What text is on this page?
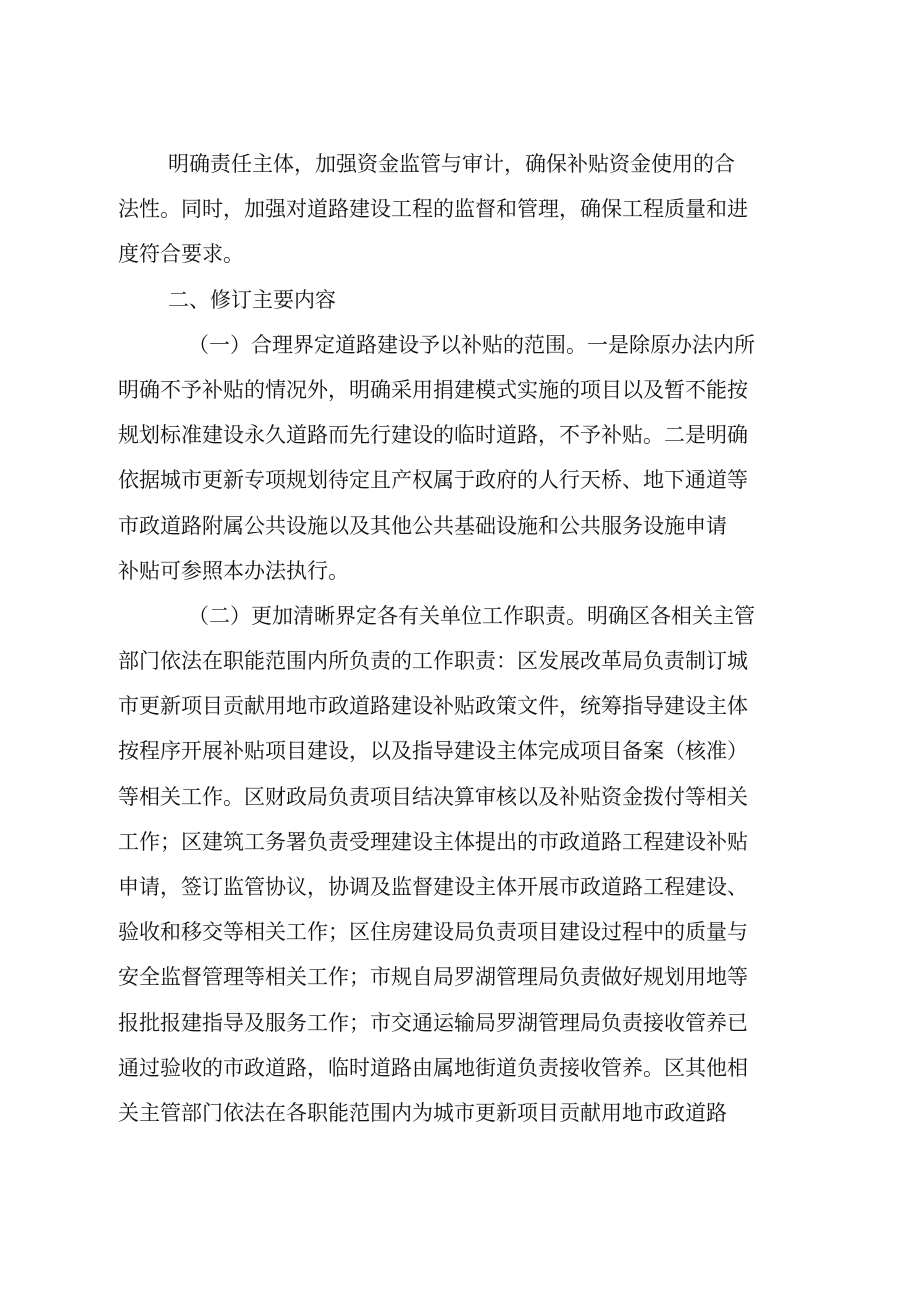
明确责任主体，加强资金监管与审计，确保补贴资金使用的合
法性。同时，加强对道路建设工程的监督和管理，确保工程质量和进
度符合要求。
二、修订主要内容
（一）合理界定道路建设予以补贴的范围。一是除原办法内所
明确不予补贴的情况外，明确采用捐建模式实施的项目以及暂不能按
规划标准建设永久道路而先行建设的临时道路，不予补贴。二是明确
依据城市更新专项规划待定且产权属于政府的人行天桥、地下通道等
市政道路附属公共设施以及其他公共基础设施和公共服务设施申请
补贴可参照本办法执行。
（二）更加清晰界定各有关单位工作职责。明确区各相关主管
部门依法在职能范围内所负责的工作职责：区发展改革局负责制订城
市更新项目贡献用地市政道路建设补贴政策文件，统筹指导建设主体
按程序开展补贴项目建设，以及指导建设主体完成项目备案（核准）
等相关工作。区财政局负责项目结决算审核以及补贴资金拨付等相关
工作；区建筑工务署负责受理建设主体提出的市政道路工程建设补贴
申请，签订监管协议，协调及监督建设主体开展市政道路工程建设、
验收和移交等相关工作；区住房建设局负责项目建设过程中的质量与
安全监督管理等相关工作；市规自局罗湖管理局负责做好规划用地等
报批报建指导及服务工作；市交通运输局罗湖管理局负责接收管养已
通过验收的市政道路，临时道路由属地街道负责接收管养。区其他相
关主管部门依法在各职能范围内为城市更新项目贡献用地市政道路
